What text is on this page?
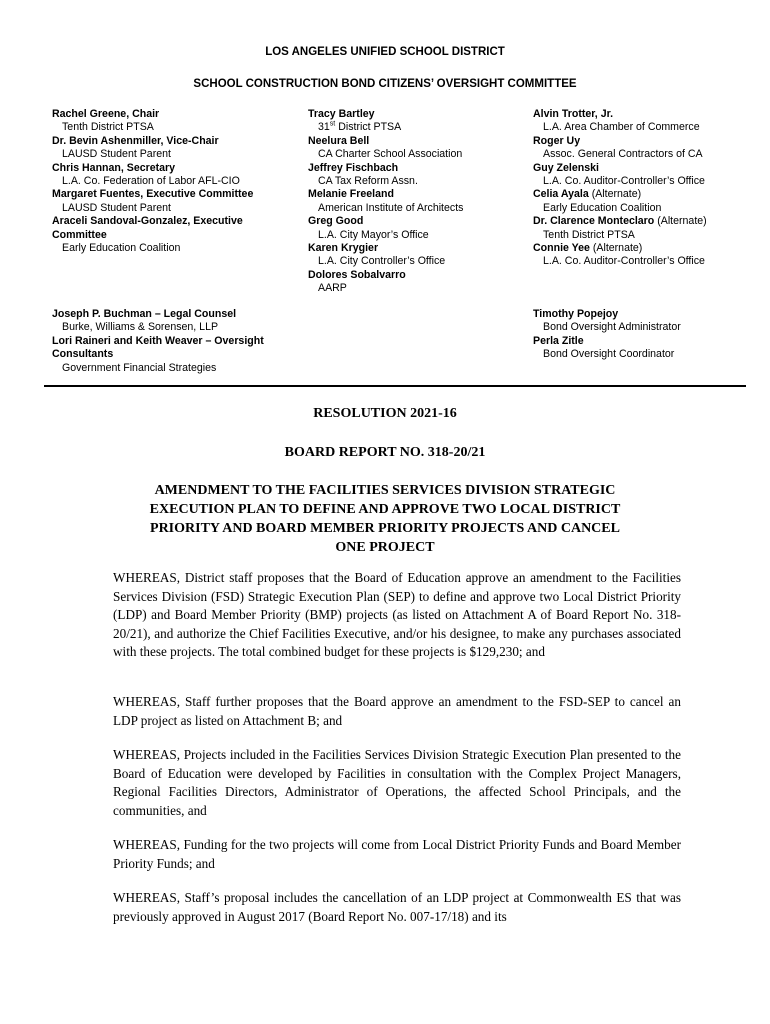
LOS ANGELES UNIFIED SCHOOL DISTRICT
SCHOOL CONSTRUCTION BOND CITIZENS’ OVERSIGHT COMMITTEE
Rachel Greene, Chair
Tenth District PTSA
Dr. Bevin Ashenmiller, Vice-Chair
LAUSD Student Parent
Chris Hannan, Secretary
L.A. Co. Federation of Labor AFL-CIO
Margaret Fuentes, Executive Committee
LAUSD Student Parent
Araceli Sandoval-Gonzalez, Executive Committee
Early Education Coalition
Tracy Bartley
31st District PTSA
Neelura Bell
CA Charter School Association
Jeffrey Fischbach
CA Tax Reform Assn.
Melanie Freeland
American Institute of Architects
Greg Good
L.A. City Mayor’s Office
Karen Krygier
L.A. City Controller’s Office
Dolores Sobalvarro
AARP
Alvin Trotter, Jr.
L.A. Area Chamber of Commerce
Roger Uy
Assoc. General Contractors of CA
Guy Zelenski
L.A. Co. Auditor-Controller’s Office
Celia Ayala (Alternate)
Early Education Coalition
Dr. Clarence Monteclaro (Alternate)
Tenth District PTSA
Connie Yee (Alternate)
L.A. Co. Auditor-Controller’s Office
Joseph P. Buchman – Legal Counsel
Burke, Williams & Sorensen, LLP
Lori Raineri and Keith Weaver – Oversight Consultants
Government Financial Strategies
Timothy Popejoy
Bond Oversight Administrator
Perla Zitle
Bond Oversight Coordinator
RESOLUTION 2021-16
BOARD REPORT NO. 318-20/21
AMENDMENT TO THE FACILITIES SERVICES DIVISION STRATEGIC
EXECUTION PLAN TO DEFINE AND APPROVE TWO LOCAL DISTRICT
PRIORITY AND BOARD MEMBER PRIORITY PROJECTS AND CANCEL
ONE PROJECT
WHEREAS, District staff proposes that the Board of Education approve an amendment to the Facilities Services Division (FSD) Strategic Execution Plan (SEP) to define and approve two Local District Priority (LDP) and Board Member Priority (BMP) projects (as listed on Attachment A of Board Report No. 318-20/21), and authorize the Chief Facilities Executive, and/or his designee, to make any purchases associated with these projects. The total combined budget for these projects is $129,230; and
WHEREAS, Staff further proposes that the Board approve an amendment to the FSD-SEP to cancel an LDP project as listed on Attachment B; and
WHEREAS, Projects included in the Facilities Services Division Strategic Execution Plan presented to the Board of Education were developed by Facilities in consultation with the Complex Project Managers, Regional Facilities Directors, Administrator of Operations, the affected School Principals, and the communities, and
WHEREAS, Funding for the two projects will come from Local District Priority Funds and Board Member Priority Funds; and
WHEREAS, Staff’s proposal includes the cancellation of an LDP project at Commonwealth ES that was previously approved in August 2017 (Board Report No. 007-17/18) and its
